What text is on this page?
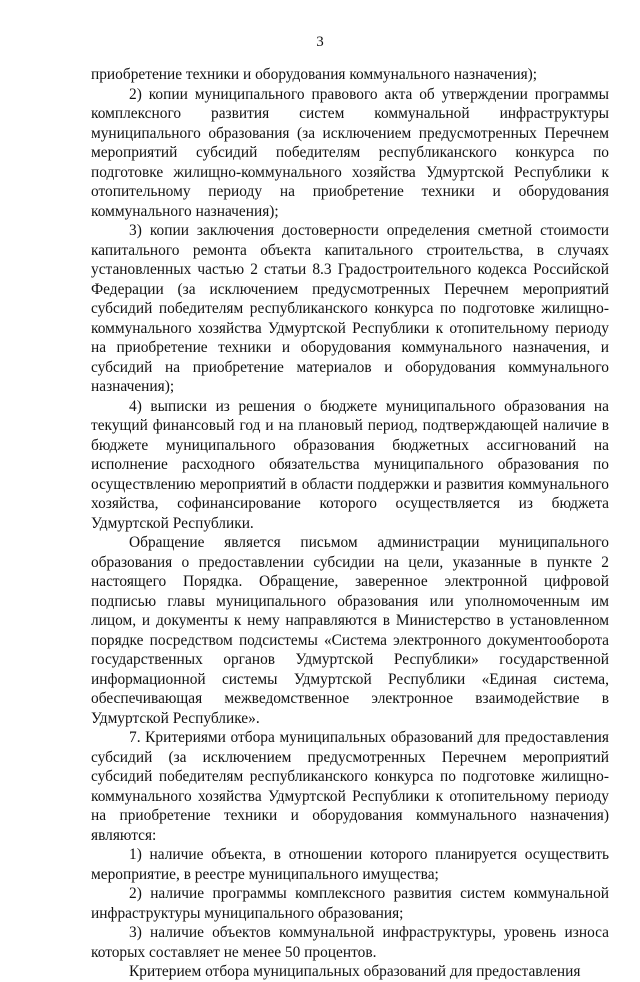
3

приобретение техники и оборудования коммунального назначения);

2) копии муниципального правового акта об утверждении программы комплексного развития систем коммунальной инфраструктуры муниципального образования (за исключением предусмотренных Перечнем мероприятий субсидий победителям республиканского конкурса по подготовке жилищно-коммунального хозяйства Удмуртской Республики к отопительному периоду на приобретение техники и оборудования коммунального назначения);

3) копии заключения достоверности определения сметной стоимости капитального ремонта объекта капитального строительства, в случаях установленных частью 2 статьи 8.3 Градостроительного кодекса Российской Федерации (за исключением предусмотренных Перечнем мероприятий субсидий победителям республиканского конкурса по подготовке жилищно-коммунального хозяйства Удмуртской Республики к отопительному периоду на приобретение техники и оборудования коммунального назначения, и субсидий на приобретение материалов и оборудования коммунального назначения);

4) выписки из решения о бюджете муниципального образования на текущий финансовый год и на плановый период, подтверждающей наличие в бюджете муниципального образования бюджетных ассигнований на исполнение расходного обязательства муниципального образования по осуществлению мероприятий в области поддержки и развития коммунального хозяйства, софинансирование которого осуществляется из бюджета Удмуртской Республики.

Обращение является письмом администрации муниципального образования о предоставлении субсидии на цели, указанные в пункте 2 настоящего Порядка. Обращение, заверенное электронной цифровой подписью главы муниципального образования или уполномоченным им лицом, и документы к нему направляются в Министерство в установленном порядке посредством подсистемы «Система электронного документооборота государственных органов Удмуртской Республики» государственной информационной системы Удмуртской Республики «Единая система, обеспечивающая межведомственное электронное взаимодействие в Удмуртской Республике».

7. Критериями отбора муниципальных образований для предоставления субсидий (за исключением предусмотренных Перечнем мероприятий субсидий победителям республиканского конкурса по подготовке жилищно-коммунального хозяйства Удмуртской Республики к отопительному периоду на приобретение техники и оборудования коммунального назначения) являются:

1) наличие объекта, в отношении которого планируется осуществить мероприятие, в реестре муниципального имущества;

2) наличие программы комплексного развития систем коммунальной инфраструктуры муниципального образования;

3) наличие объектов коммунальной инфраструктуры, уровень износа которых составляет не менее 50 процентов.

Критерием отбора муниципальных образований для предоставления
